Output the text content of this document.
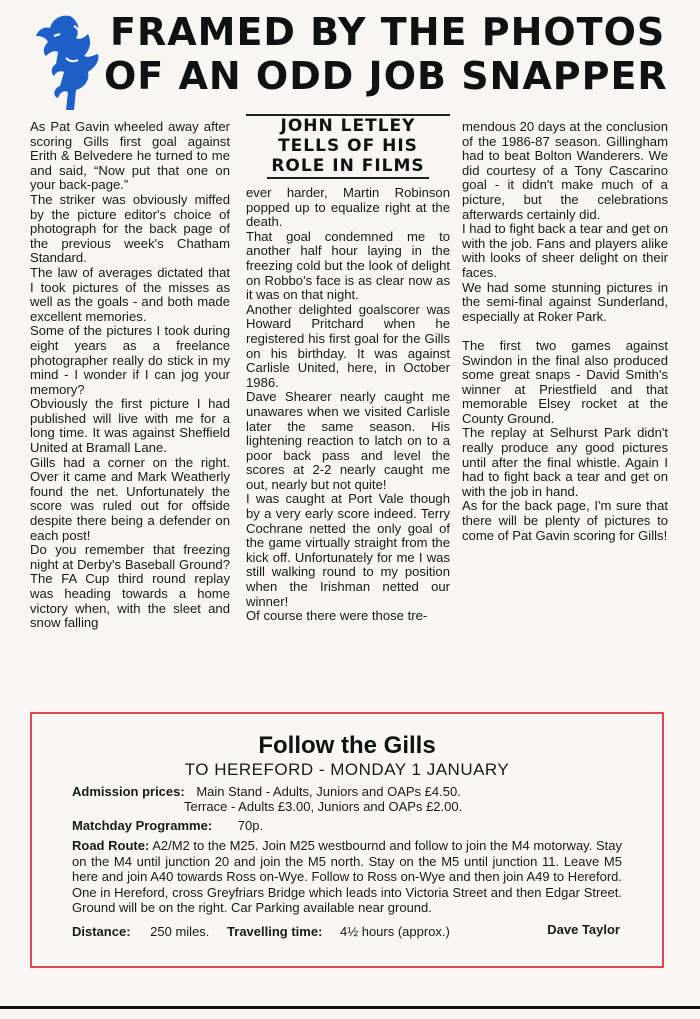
FRAMED BY THE PHOTOS
OF AN ODD JOB SNAPPER

As Pat Gavin wheeled away after scoring Gills first goal against Erith & Belvedere he turned to me and said, “Now put that one on your back-page.”

The striker was obviously miffed by the picture editor's choice of photograph for the back page of the previous week's Chatham Standard.

The law of averages dictated that I took pictures of the misses as well as the goals - and both made excellent memories.

Some of the pictures I took during eight years as a freelance photographer really do stick in my mind - I wonder if I can jog your memory?

Obviously the first picture I had published will live with me for a long time. It was against Sheffield United at Bramall Lane.

Gills had a corner on the right. Over it came and Mark Weatherly found the net. Unfortunately the score was ruled out for offside despite there being a defender on each post!

Do you remember that freezing night at Derby's Baseball Ground? The FA Cup third round replay was heading towards a home victory when, with the sleet and snow falling

JOHN LETLEY
TELLS OF HIS
ROLE IN FILMS

ever harder, Martin Robinson popped up to equalize right at the death.

That goal condemned me to another half hour laying in the freezing cold but the look of delight on Robbo's face is as clear now as it was on that night.

Another delighted goalscorer was Howard Pritchard when he registered his first goal for the Gills on his birthday. It was against Carlisle United, here, in October 1986.

Dave Shearer nearly caught me unawares when we visited Carlisle later the same season. His lightening reaction to latch on to a poor back pass and level the scores at 2-2 nearly caught me out, nearly but not quite!

I was caught at Port Vale though by a very early score indeed. Terry Cochrane netted the only goal of the game virtually straight from the kick off. Unfortunately for me I was still walking round to my position when the Irishman netted our winner!

Of course there were those tre-

mendous 20 days at the conclusion of the 1986-87 season. Gillingham had to beat Bolton Wanderers. We did courtesy of a Tony Cascarino goal - it didn't make much of a picture, but the celebrations afterwards certainly did.

I had to fight back a tear and get on with the job. Fans and players alike with looks of sheer delight on their faces.

We had some stunning pictures in the semi-final against Sunderland, especially at Roker Park.

The first two games against Swindon in the final also produced some great snaps - David Smith's winner at Priestfield and that memorable Elsey rocket at the County Ground.

The replay at Selhurst Park didn't really produce any good pictures until after the final whistle. Again I had to fight back a tear and get on with the job in hand.

As for the back page, I'm sure that there will be plenty of pictures to come of Pat Gavin scoring for Gills!

Follow the Gills
TO HEREFORD - MONDAY 1 JANUARY
Admission prices: Main Stand - Adults, Juniors and OAPs £4.50.
Terrace - Adults £3.00, Juniors and OAPs £2.00.
Matchday Programme: 70p.
Road Route: A2/M2 to the M25. Join M25 westbournd and follow to join the M4 motorway. Stay on the M4 until junction 20 and join the M5 north. Stay on the M5 until junction 11. Leave M5 here and join A40 towards Ross on-Wye. Follow to Ross on-Wye and then join A49 to Hereford. One in Hereford, cross Greyfriars Bridge which leads into Victoria Street and then Edgar Street. Ground will be on the right. Car Parking available near ground.
Distance: 250 miles. Travelling time: 4½ hours (approx.)	Dave Taylor
